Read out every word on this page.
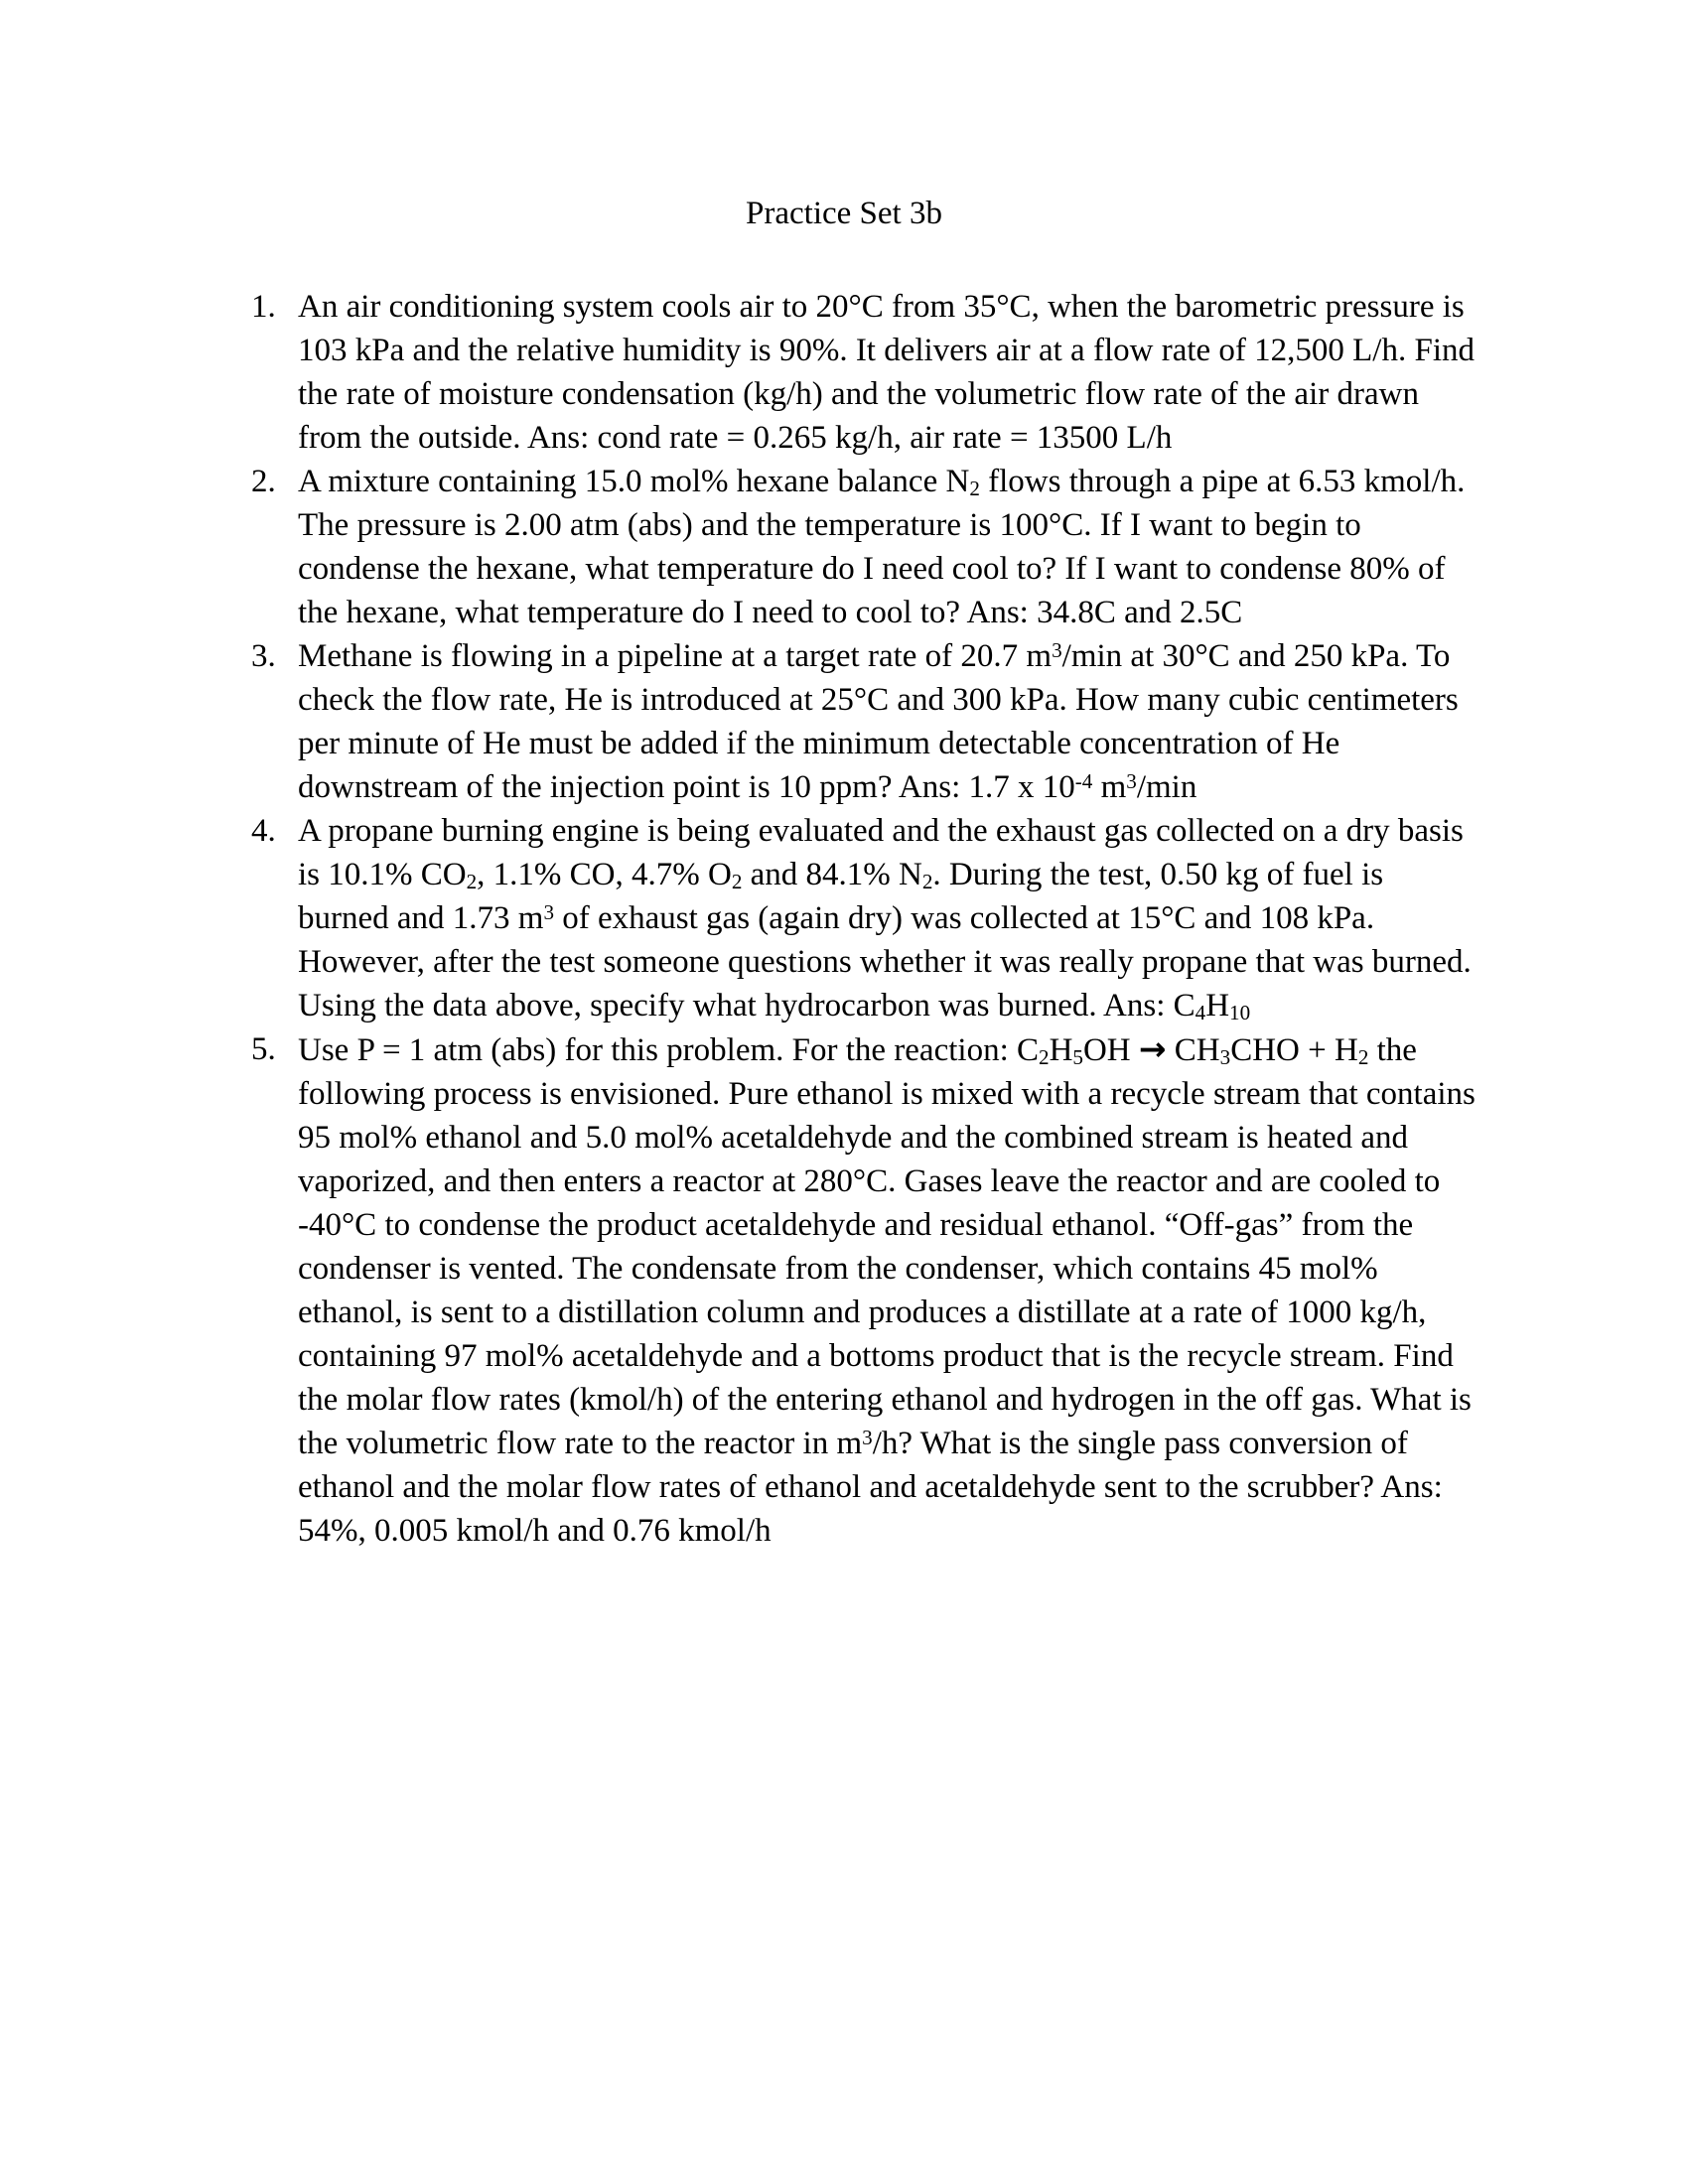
Practice Set 3b
1. An air conditioning system cools air to 20°C from 35°C, when the barometric pressure is
103 kPa and the relative humidity is 90%. It delivers air at a flow rate of 12,500 L/h. Find
the rate of moisture condensation (kg/h) and the volumetric flow rate of the air drawn
from the outside. Ans: cond rate = 0.265 kg/h, air rate = 13500 L/h
2. A mixture containing 15.0 mol% hexane balance $N_2$ flows through a pipe at 6.53 kmol/h.
The pressure is 2.00 atm (abs) and the temperature is 100°C. If I want to begin to
condense the hexane, what temperature do I need cool to? If I want to condense 80% of
the hexane, what temperature do I need to cool to? Ans: 34.8C and 2.5C
3. Methane is flowing in a pipeline at a target rate of 20.7 $m^3/\min$ at 30°C and 250 kPa. To
check the flow rate, He is introduced at 25°C and 300 kPa. How many cubic centimeters
per minute of He must be added if the minimum detectable concentration of He
downstream of the injection point is 10 ppm? Ans: 1.7 x $10^{-4}$ $m^3/\min$
4. A propane burning engine is being evaluated and the exhaust gas collected on a dry basis
is 10.1% $CO_2$, 1.1% CO, 4.7% $O_2$ and 84.1% $N_2$. During the test, 0.50 kg of fuel is
burned and 1.73 $m^3$ of exhaust gas (again dry) was collected at 15°C and 108 kPa.
However, after the test someone questions whether it was really propane that was burned.
Using the data above, specify what hydrocarbon was burned. Ans: $C_4H_{10}$
5. Use P = 1 atm (abs) for this problem. For the reaction: $C_2H_5OH \to CH_3CHO + H_2$ the
following process is envisioned. Pure ethanol is mixed with a recycle stream that contains
95 mol% ethanol and 5.0 mol% acetaldehyde and the combined stream is heated and
vaporized, and then enters a reactor at 280°C. Gases leave the reactor and are cooled to
-40°C to condense the product acetaldehyde and residual ethanol. “Off-gas” from the
condenser is vented. The condensate from the condenser, which contains 45 mol%
ethanol, is sent to a distillation column and produces a distillate at a rate of 1000 kg/h,
containing 97 mol% acetaldehyde and a bottoms product that is the recycle stream. Find
the molar flow rates (kmol/h) of the entering ethanol and hydrogen in the off gas. What is
the volumetric flow rate to the reactor in $m^3/h$? What is the single pass conversion of
ethanol and the molar flow rates of ethanol and acetaldehyde sent to the scrubber? Ans:
54%, 0.005 kmol/h and 0.76 kmol/h
